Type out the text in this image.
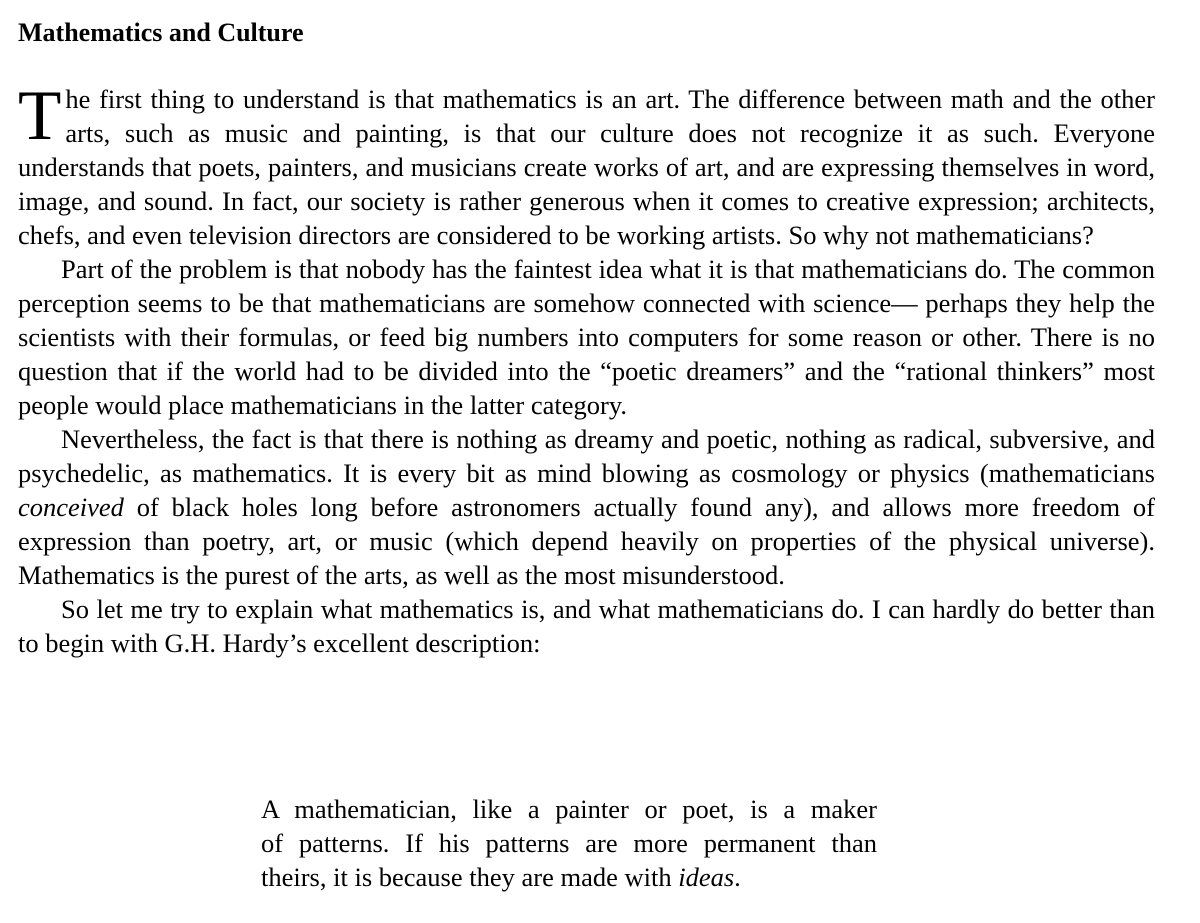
Mathematics and Culture

The first thing to understand is that mathematics is an art. The difference between math and the other arts, such as music and painting, is that our culture does not recognize it as such. Everyone understands that poets, painters, and musicians create works of art, and are expressing themselves in word, image, and sound. In fact, our society is rather generous when it comes to creative expression; architects, chefs, and even television directors are considered to be working artists. So why not mathematicians?

Part of the problem is that nobody has the faintest idea what it is that mathematicians do. The common perception seems to be that mathematicians are somehow connected with science— perhaps they help the scientists with their formulas, or feed big numbers into computers for some reason or other. There is no question that if the world had to be divided into the “poetic dreamers” and the “rational thinkers” most people would place mathematicians in the latter category.

Nevertheless, the fact is that there is nothing as dreamy and poetic, nothing as radical, subversive, and psychedelic, as mathematics. It is every bit as mind blowing as cosmology or physics (mathematicians conceived of black holes long before astronomers actually found any), and allows more freedom of expression than poetry, art, or music (which depend heavily on properties of the physical universe). Mathematics is the purest of the arts, as well as the most misunderstood.

So let me try to explain what mathematics is, and what mathematicians do. I can hardly do better than to begin with G.H. Hardy’s excellent description:

A mathematician, like a painter or poet, is a maker
of patterns. If his patterns are more permanent than
theirs, it is because they are made with ideas.
